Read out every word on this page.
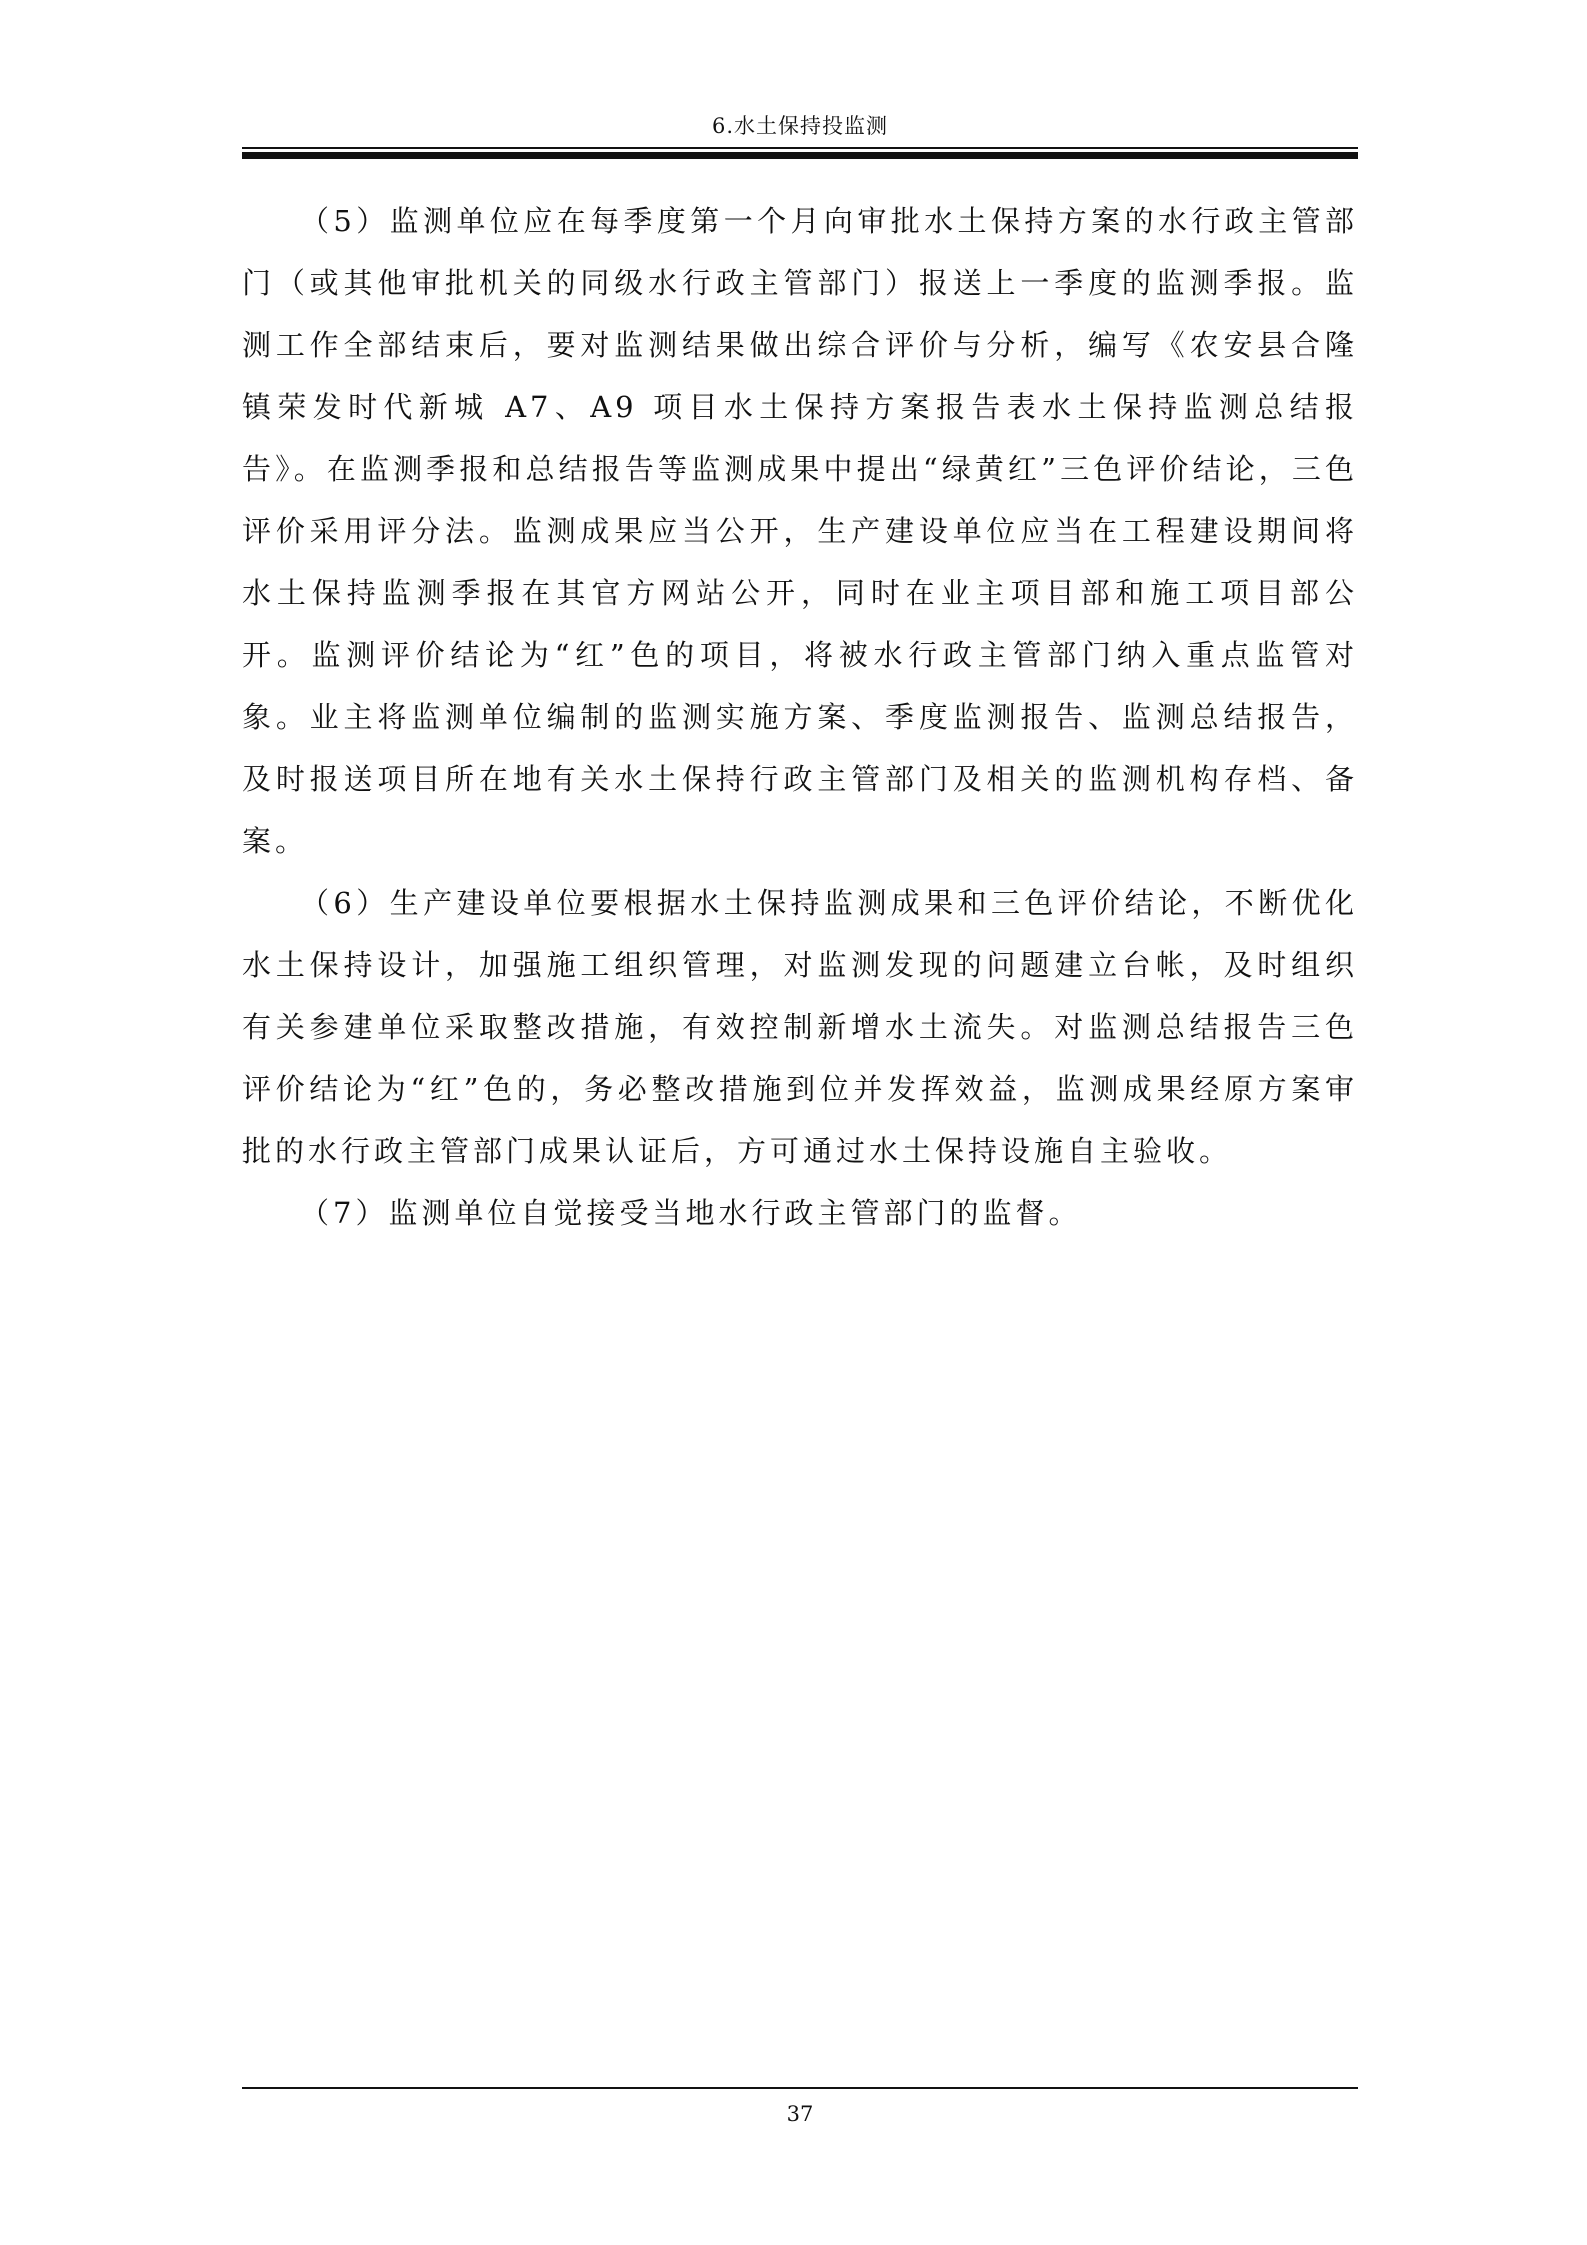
6.水土保持投监测

（5）监测单位应在每季度第一个月向审批水土保持方案的水行政主管部门（或其他审批机关的同级水行政主管部门）报送上一季度的监测季报。监测工作全部结束后，要对监测结果做出综合评价与分析，编写《农安县合隆镇荣发时代新城 A7、A9 项目水土保持方案报告表水土保持监测总结报告》。在监测季报和总结报告等监测成果中提出“绿黄红”三色评价结论，三色评价采用评分法。监测成果应当公开，生产建设单位应当在工程建设期间将水土保持监测季报在其官方网站公开，同时在业主项目部和施工项目部公开。监测评价结论为“红”色的项目，将被水行政主管部门纳入重点监管对象。业主将监测单位编制的监测实施方案、季度监测报告、监测总结报告，及时报送项目所在地有关水土保持行政主管部门及相关的监测机构存档、备案。

（6）生产建设单位要根据水土保持监测成果和三色评价结论，不断优化水土保持设计，加强施工组织管理，对监测发现的问题建立台帐，及时组织有关参建单位采取整改措施，有效控制新增水土流失。对监测总结报告三色评价结论为“红”色的，务必整改措施到位并发挥效益，监测成果经原方案审批的水行政主管部门成果认证后，方可通过水土保持设施自主验收。

（7）监测单位自觉接受当地水行政主管部门的监督。

37
